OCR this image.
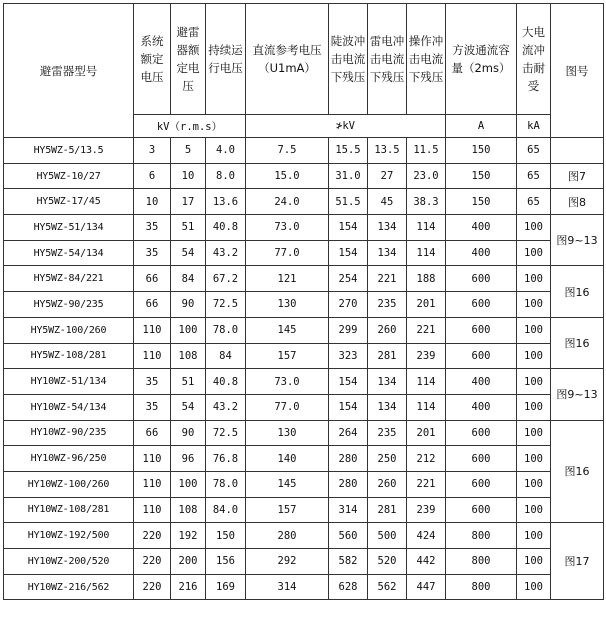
避雷器型号	系统额定电压	避雷器额定电压	持续运行电压	直流参考电压（U1mA）	陡波冲击电流下残压	雷电冲击电流下残压	操作冲击电流下残压	方波通流容量（2ms）	大电流冲击耐受	图号
	kV（r.m.s）			≯kV				A	kA	
HY5WZ-5/13.5	3	5	4.0	7.5	15.5	13.5	11.5	150	65	
HY5WZ-10/27	6	10	8.0	15.0	31.0	27	23.0	150	65	图7
HY5WZ-17/45	10	17	13.6	24.0	51.5	45	38.3	150	65	图8
HY5WZ-51/134	35	51	40.8	73.0	154	134	114	400	100	图9~13
HY5WZ-54/134	35	54	43.2	77.0	154	134	114	400	100	
HY5WZ-84/221	66	84	67.2	121	254	221	188	600	100	图16
HY5WZ-90/235	66	90	72.5	130	270	235	201	600	100	
HY5WZ-100/260	110	100	78.0	145	299	260	221	600	100	图16
HY5WZ-108/281	110	108	84	157	323	281	239	600	100	
HY10WZ-51/134	35	51	40.8	73.0	154	134	114	400	100	图9~13
HY10WZ-54/134	35	54	43.2	77.0	154	134	114	400	100	
HY10WZ-90/235	66	90	72.5	130	264	235	201	600	100	图16
HY10WZ-96/250	110	96	76.8	140	280	250	212	600	100	
HY10WZ-100/260	110	100	78.0	145	280	260	221	600	100	
HY10WZ-108/281	110	108	84.0	157	314	281	239	600	100	
HY10WZ-192/500	220	192	150	280	560	500	424	800	100	图17
HY10WZ-200/520	220	200	156	292	582	520	442	800	100	
HY10WZ-216/562	220	216	169	314	628	562	447	800	100	
